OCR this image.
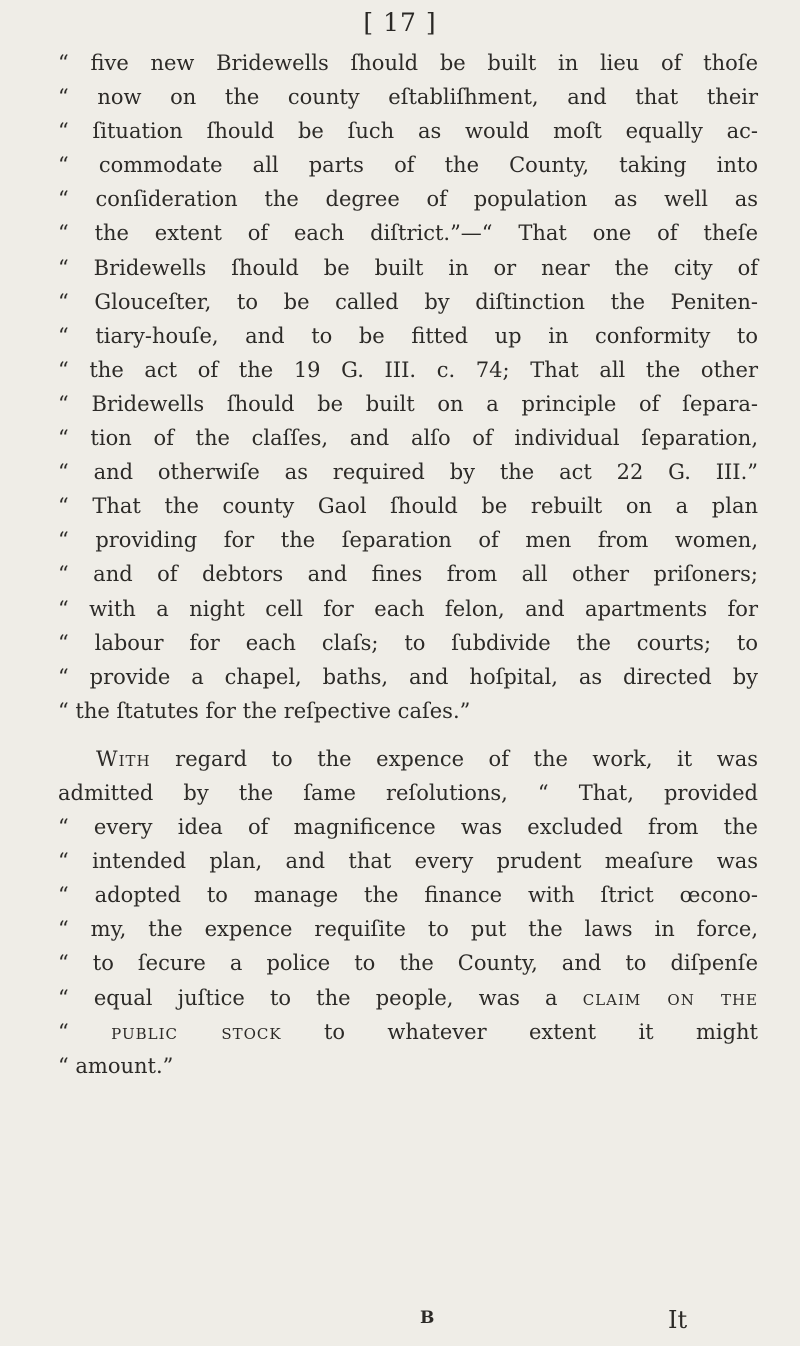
[ 17 ]
“ five new Bridewells ſhould be built in lieu of thoſe
“ now on the county eſtabliſhment, and that their
“ ſituation ſhould be ſuch as would moſt equally ac-
“ commodate all parts of the County, taking into
“ conſideration the degree of population as well as
“ the extent of each diſtrict.”—“ That one of theſe
“ Bridewells ſhould be built in or near the city of
“ Glouceſter, to be called by diſtinction the Peniten-
“ tiary-houſe, and to be fitted up in conformity to
“ the act of the 19 G. III. c. 74; That all the other
“ Bridewells ſhould be built on a principle of ſepara-
“ tion of the claſſes, and alſo of individual ſeparation,
“ and otherwiſe as required by the act 22 G. III.”
“ That the county Gaol ſhould be rebuilt on a plan
“ providing for the ſeparation of men from women,
“ and of debtors and fines from all other priſoners;
“ with a night cell for each felon, and apartments for
“ labour for each claſs; to ſubdivide the courts; to
“ provide a chapel, baths, and hoſpital, as directed by
“ the ſtatutes for the reſpective caſes.”
With regard to the expence of the work, it was
admitted by the ſame reſolutions, “ That, provided
“ every idea of magnificence was excluded from the
“ intended plan, and that every prudent meaſure was
“ adopted to manage the finance with ſtrict œcono-
“ my, the expence requiſite to put the laws in force,
“ to ſecure a police to the County, and to diſpenſe
“ equal juſtice to the people, was a claim on the
“ public stock to whatever extent it might
“ amount.”
B	It
